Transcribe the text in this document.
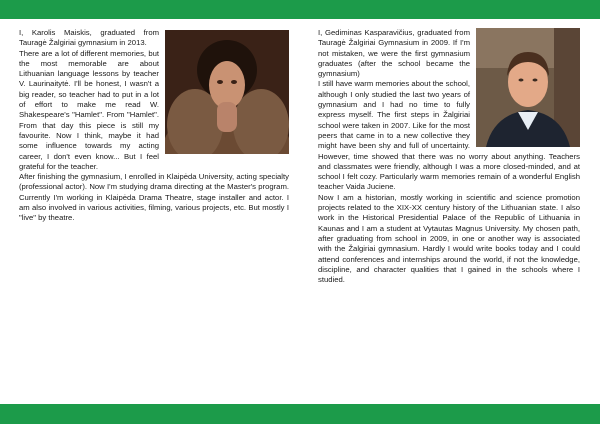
I, Karolis Maiskis, graduated from Tauragė Žalgiriai gymnasium in 2013.

There are a lot of different memories, but the most memorable are about Lithuanian language lessons by teacher V. Laurinaitytė. I'll be honest, I wasn't a big reader, so teacher had to put in a lot of effort to make me read W. Shakespeare's "Hamlet". From "Hamlet". From that day this piece is still my favourite. Now I think, maybe it had some influence towards my acting career, I don't even know... But I feel grateful for the teacher.

After finishing the gymnasium, I enrolled in Klaipėda University, acting specialty (professional actor). Now I'm studying drama directing at the Master's program. Currently I'm working in Klaipėda Drama Theatre, stage installer and actor. I am also involved in various activities, filming, various projects, etc. But mostly I "live" by theatre.

I, Gediminas Kasparavičius, graduated from Tauragė Žalgiriai Gymnasium in 2009. If I'm not mistaken, we were the first gymnasium graduates (after the school became the gymnasium)

I still have warm memories about the school, although I only studied the last two years of gymnasium and I had no time to fully express myself. The first steps in Žalgiriai school were taken in 2007. Like for the most peers that came in to a new collective they might have been shy and full of uncertainty. However, time showed that there was no worry about anything. Teachers and classmates were friendly, although I was a more closed-minded, and at school I felt cozy. Particularly warm memories remain of a wonderful English teacher Vaida Juciene.

Now I am a historian, mostly working in scientific and science promotion projects related to the XIX-XX century history of the Lithuanian state. I also work in the Historical Presidential Palace of the Republic of Lithuania in Kaunas and I am a student at Vytautas Magnus University. My chosen path, after graduating from school in 2009, in one or another way is associated with the Žalgiriai gymnasium. Hardly I would write books today and I could attend conferences and internships around the world, if not the knowledge, discipline, and character qualities that I gained in the schools where I studied.
